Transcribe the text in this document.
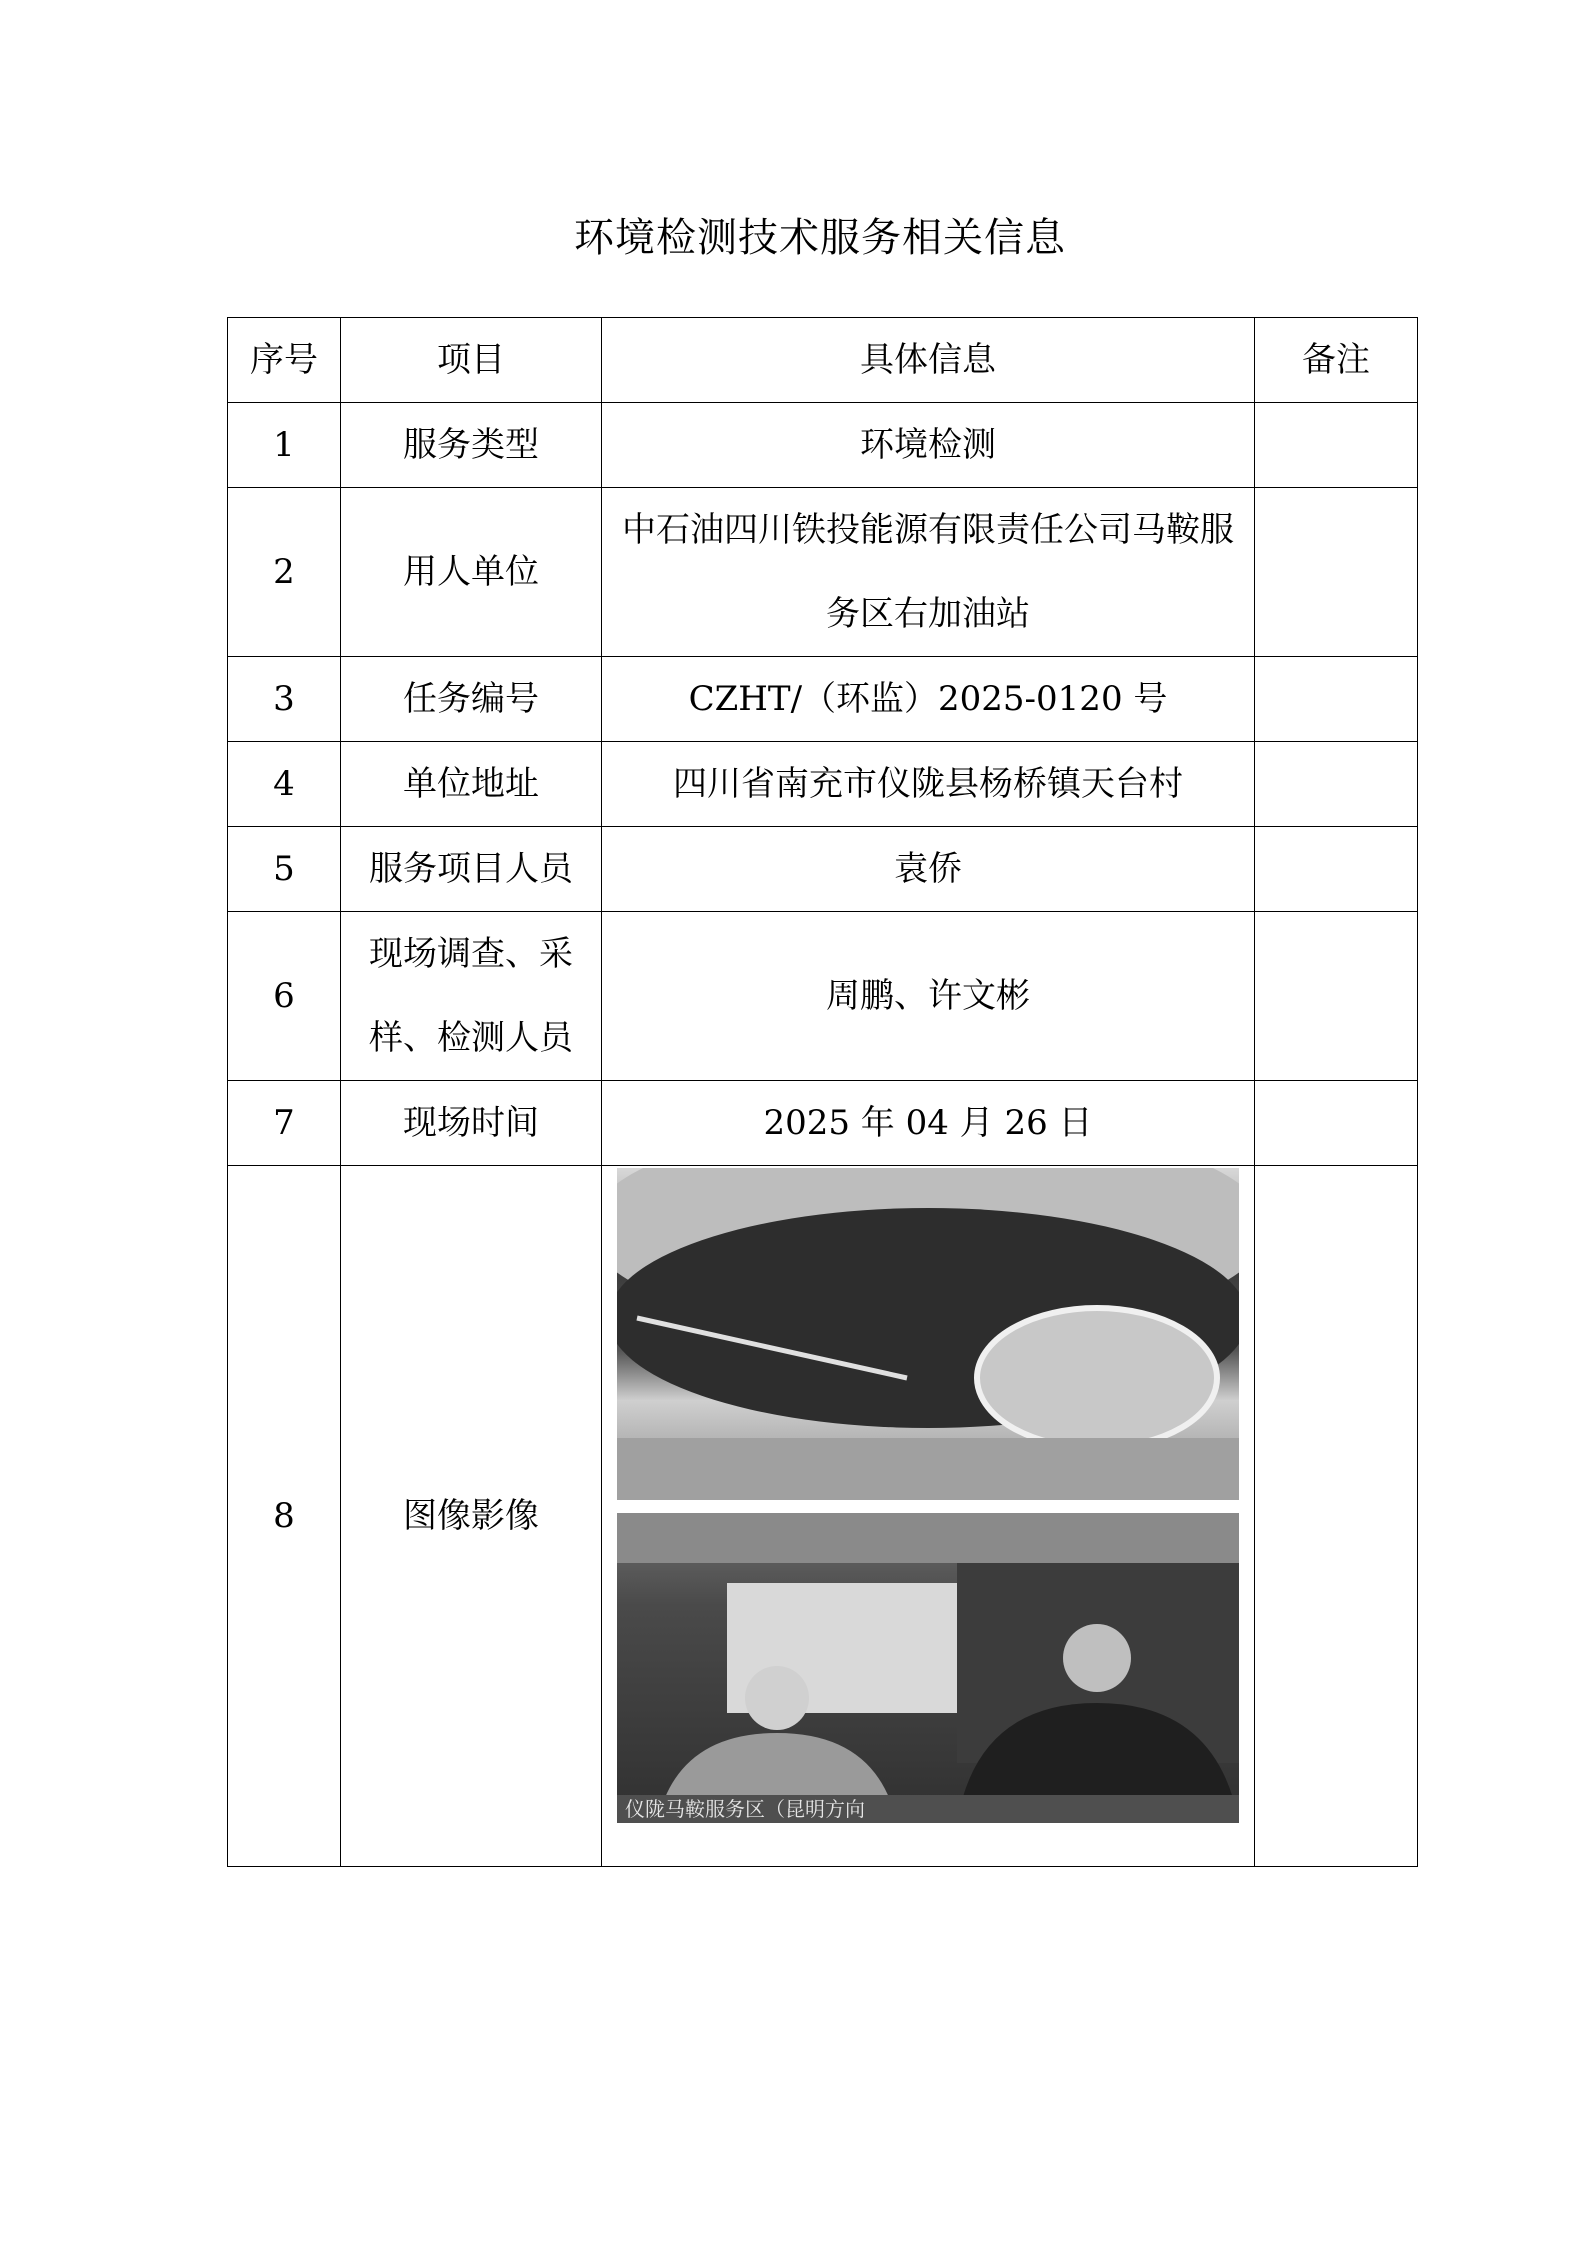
环境检测技术服务相关信息
序号	项目	具体信息	备注
1	服务类型	环境检测	
2	用人单位	中石油四川铁投能源有限责任公司马鞍服务区右加油站	
3	任务编号	CZHT/（环监）2025-0120 号	
4	单位地址	四川省南充市仪陇县杨桥镇天台村	
5	服务项目人员	袁侨	
6	现场调查、采样、检测人员	周鹏、许文彬	
7	现场时间	2025 年 04 月 26 日	
8	图像影像	仪陇马鞍服务区（昆明方向	
